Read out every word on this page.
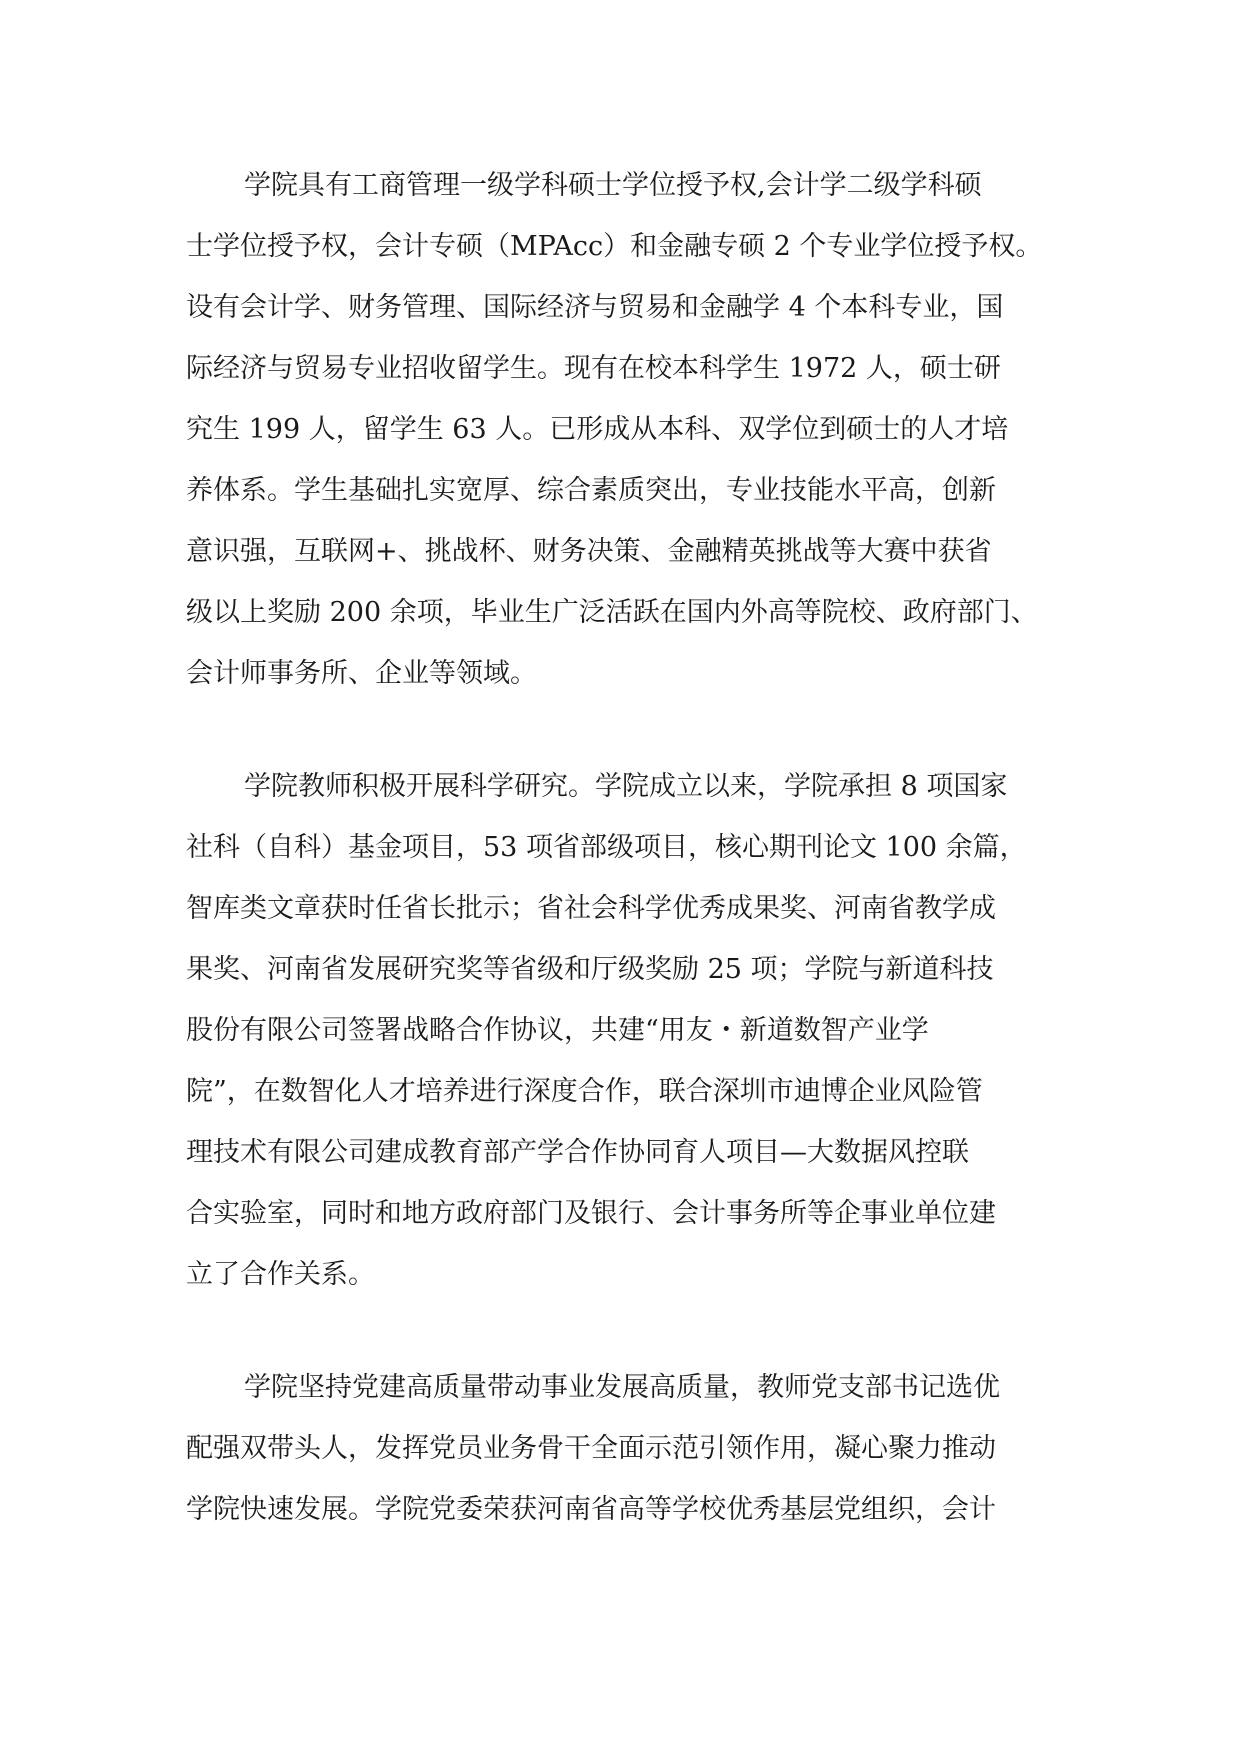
学院具有工商管理一级学科硕士学位授予权,会计学二级学科硕
士学位授予权，会计专硕（MPAcc）和金融专硕 2 个专业学位授予权。
设有会计学、财务管理、国际经济与贸易和金融学 4 个本科专业，国
际经济与贸易专业招收留学生。现有在校本科学生 1972 人，硕士研
究生 199 人，留学生 63 人。已形成从本科、双学位到硕士的人才培
养体系。学生基础扎实宽厚、综合素质突出，专业技能水平高，创新
意识强，互联网+、挑战杯、财务决策、金融精英挑战等大赛中获省
级以上奖励 200 余项，毕业生广泛活跃在国内外高等院校、政府部门、
会计师事务所、企业等领域。
学院教师积极开展科学研究。学院成立以来，学院承担 8 项国家
社科（自科）基金项目，53 项省部级项目，核心期刊论文 100 余篇，
智库类文章获时任省长批示；省社会科学优秀成果奖、河南省教学成
果奖、河南省发展研究奖等省级和厅级奖励 25 项；学院与新道科技
股份有限公司签署战略合作协议，共建“用友・新道数智产业学
院”，在数智化人才培养进行深度合作，联合深圳市迪博企业风险管
理技术有限公司建成教育部产学合作协同育人项目—大数据风控联
合实验室，同时和地方政府部门及银行、会计事务所等企事业单位建
立了合作关系。
学院坚持党建高质量带动事业发展高质量，教师党支部书记选优
配强双带头人，发挥党员业务骨干全面示范引领作用，凝心聚力推动
学院快速发展。学院党委荣获河南省高等学校优秀基层党组织，会计
